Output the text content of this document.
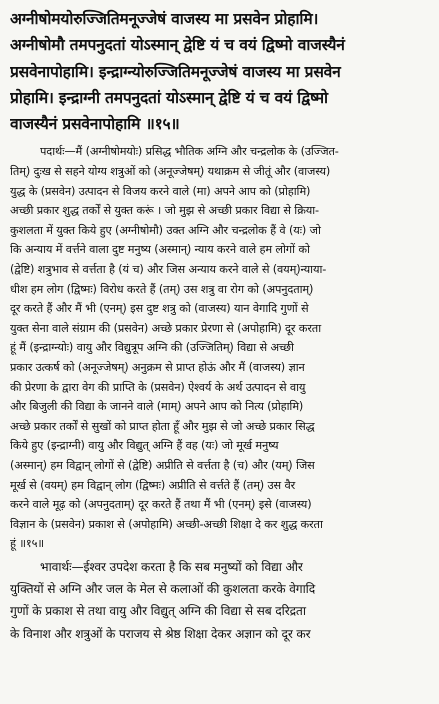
अग्नीषोमयोरुज्जितिमनूज्जेषं वाजस्य मा प्रसवेन प्रोहामि।

अग्नीषोमौ तमपनुदतां योऽस्मान् द्वेष्टि यं च वयं द्विष्मो वाजस्यैनं

प्रसवेनापोहामि। इन्द्राग्न्योरुज्जितिमनूज्जेषं वाजस्य मा प्रसवेन

प्रोहामि। इन्द्राग्नी तमपनुदतां योऽस्मान् द्वेष्टि यं च वयं द्विष्मो

वाजस्यैनं प्रसवेनापोहामि ॥१५॥

पदार्थः—मैं (अग्नीषोमयोः) प्रसिद्ध भौतिक अग्नि और चन्द्रलोक के (उज्जित-

तिम्) दुःख से सहने योग्य शत्रुओं को (अनूज्जेषम्) यथाक्रम से जीतूं और (वाजस्य)

युद्ध के (प्रसवेन) उत्पादन से विजय करने वाले (मा) अपने आप को (प्रोहामि)

अच्छी प्रकार शुद्ध तर्कों से युक्त करूं । जो मुझ से अच्छी प्रकार विद्या से क्रिया-

कुशलता में युक्त किये हुए (अग्नीषोमौ) उक्त अग्नि और चन्द्रलोक हैं वे (यः) जो

कि अन्याय में वर्त्तने वाला दुष्ट मनुष्य (अस्मान्) न्याय करने वाले हम लोगों को

(द्वेष्टि) शत्रुभाव से वर्त्तता है (यं च) और जिस अन्याय करने वाले से (वयम्)न्याया-

धीश हम लोग (द्विष्मः) विरोध करते हैं (तम्) उस शत्रु वा रोग को (अपनुदताम्)

दूर करते हैं और मैं भी (एनम्) इस दुष्ट शत्रु को (वाजस्य) यान वेगादि गुणों से

युक्त सेना वाले संग्राम की (प्रसवेन) अच्छे प्रकार प्रेरणा से (अपोहामि) दूर करता

हूं मैं (इन्द्राग्न्योः) वायु और विद्युत्रूप अग्नि की (उज्जितिम्) विद्या से अच्छी

प्रकार उत्कर्ष को (अनूज्जेषम्) अनुक्रम से प्राप्त होऊं और मैं (वाजस्य) ज्ञान

की प्रेरणा के द्वारा वेग की प्राप्ति के (प्रसवेन) ऐश्वर्य के अर्थ उत्पादन से वायु

और बिजुली की विद्या के जानने वाले (माम्) अपने आप को नित्य (प्रोहामि)

अच्छे प्रकार तर्कों से सुखों को प्राप्त होता हूँ और मुझ से जो अच्छे प्रकार सिद्ध

किये हुए (इन्द्राग्नी) वायु और विद्युत् अग्नि हैं वह (यः) जो मूर्ख मनुष्य

(अस्मान्) हम विद्वान् लोगों से (द्वेष्टि) अप्रीति से वर्त्तता है (च) और (यम्) जिस

मूर्ख से (वयम्) हम विद्वान् लोग (द्विष्मः) अप्रीति से वर्त्तते हैं (तम्) उस वैर

करने वाले मूढ़ को (अपनुदताम्) दूर करते हैं तथा मैं भी (एनम्) इसे (वाजस्य)

विज्ञान के (प्रसवेन) प्रकाश से (अपोहामि) अच्छी-अच्छी शिक्षा दे कर शुद्ध करता

हूं ॥१५॥

भावार्थः—ईश्वर उपदेश करता है कि सब मनुष्यों को विद्या और

युक्तियों से अग्नि और जल के मेल से कलाओं की कुशलता करके वेगादि

गुणों के प्रकाश से तथा वायु और विद्युत् अग्नि की विद्या से सब दरिद्रता

के विनाश और शत्रुओं के पराजय से श्रेष्ठ शिक्षा देकर अज्ञान को दूर कर
